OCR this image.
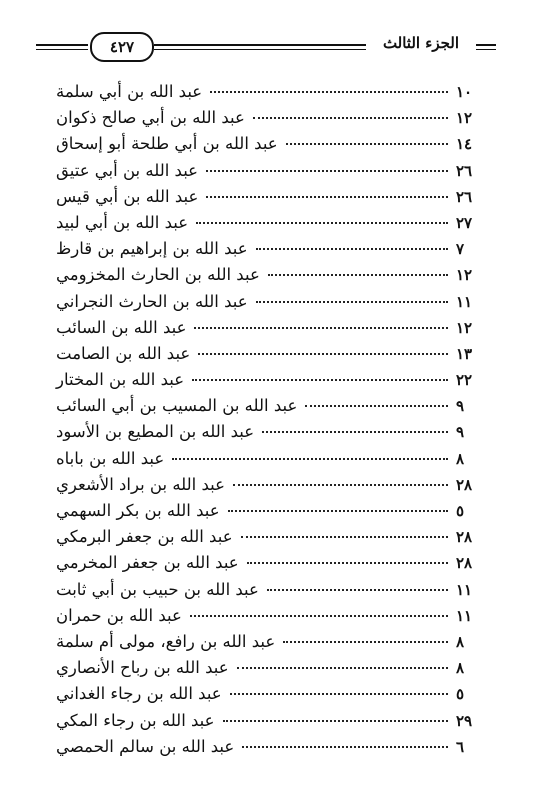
٤٢٧	الجزء الثالث
عبد الله بن أبي سلمة	١٠
عبد الله بن أبي صالح ذكوان	١٢
عبد الله بن أبي طلحة أبو إسحاق	١٤
عبد الله بن أبي عتيق	٢٦
عبد الله بن أبي قيس	٢٦
عبد الله بن أبي لبيد	٢٧
عبد الله بن إبراهيم بن قارظ	٧
عبد الله بن الحارث المخزومي	١٢
عبد الله بن الحارث النجراني	١١
عبد الله بن السائب	١٢
عبد الله بن الصامت	١٣
عبد الله بن المختار	٢٢
عبد الله بن المسيب بن أبي السائب	٩
عبد الله بن المطيع بن الأسود	٩
عبد الله بن باباه	٨
عبد الله بن براد الأشعري	٢٨
عبد الله بن بكر السهمي	٥
عبد الله بن جعفر البرمكي	٢٨
عبد الله بن جعفر المخرمي	٢٨
عبد الله بن حبيب بن أبي ثابت	١١
عبد الله بن حمران	١١
عبد الله بن رافع، مولى أم سلمة	٨
عبد الله بن رباح الأنصاري	٨
عبد الله بن رجاء الغداني	٥
عبد الله بن رجاء المكي	٢٩
عبد الله بن سالم الحمصي	٦
